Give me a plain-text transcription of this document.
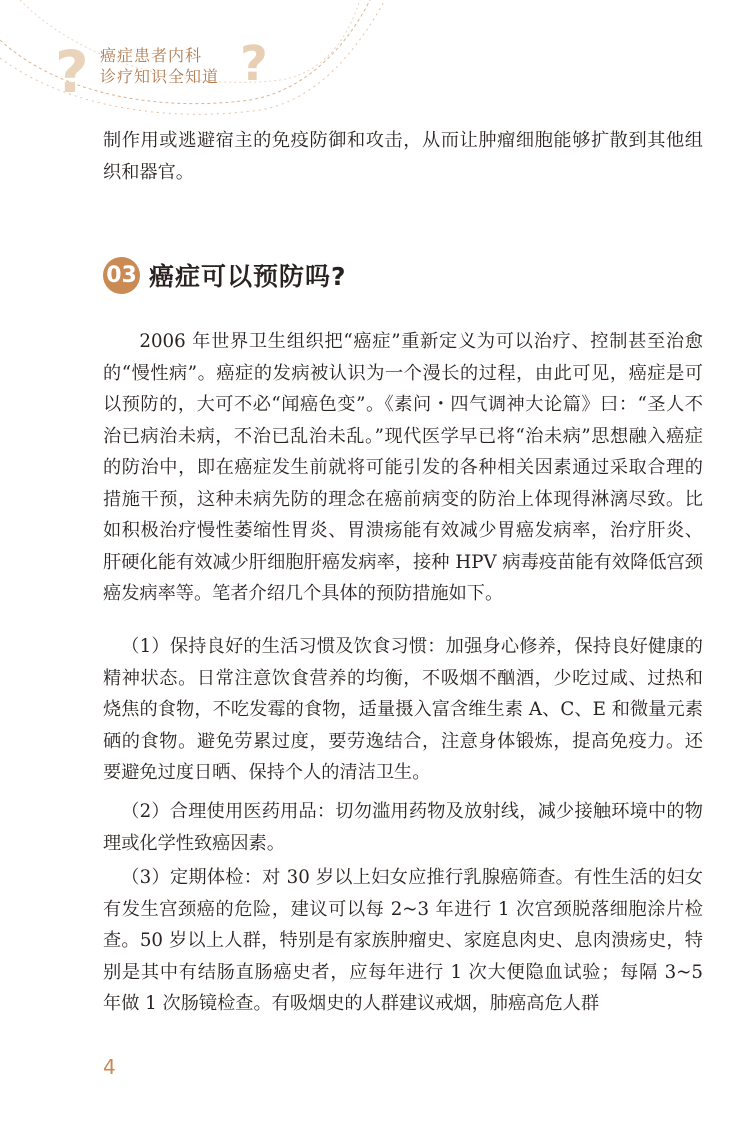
?	?
癌症患者内科
诊疗知识全知道

制作用或逃避宿主的免疫防御和攻击，从而让肿瘤细胞能够扩散到其他组织和器官。

03 癌症可以预防吗?

2006 年世界卫生组织把“癌症”重新定义为可以治疗、控制甚至治愈的“慢性病”。癌症的发病被认识为一个漫长的过程，由此可见，癌症是可以预防的，大可不必“闻癌色变”。《素问・四气调神大论篇》曰：“圣人不治已病治未病，不治已乱治未乱。”现代医学早已将“治未病”思想融入癌症的防治中，即在癌症发生前就将可能引发的各种相关因素通过采取合理的措施干预，这种未病先防的理念在癌前病变的防治上体现得淋漓尽致。比如积极治疗慢性萎缩性胃炎、胃溃疡能有效减少胃癌发病率，治疗肝炎、肝硬化能有效减少肝细胞肝癌发病率，接种 HPV 病毒疫苗能有效降低宫颈癌发病率等。笔者介绍几个具体的预防措施如下。

（1）保持良好的生活习惯及饮食习惯：加强身心修养，保持良好健康的精神状态。日常注意饮食营养的均衡，不吸烟不酗酒，少吃过咸、过热和烧焦的食物，不吃发霉的食物，适量摄入富含维生素 A、C、E 和微量元素硒的食物。避免劳累过度，要劳逸结合，注意身体锻炼，提高免疫力。还要避免过度日晒、保持个人的清洁卫生。

（2）合理使用医药用品：切勿滥用药物及放射线，减少接触环境中的物理或化学性致癌因素。

（3）定期体检：对 30 岁以上妇女应推行乳腺癌筛查。有性生活的妇女有发生宫颈癌的危险，建议可以每 2~3 年进行 1 次宫颈脱落细胞涂片检查。50 岁以上人群，特别是有家族肿瘤史、家庭息肉史、息肉溃疡史，特别是其中有结肠直肠癌史者，应每年进行 1 次大便隐血试验；每隔 3~5 年做 1 次肠镜检查。有吸烟史的人群建议戒烟，肺癌高危人群

4
